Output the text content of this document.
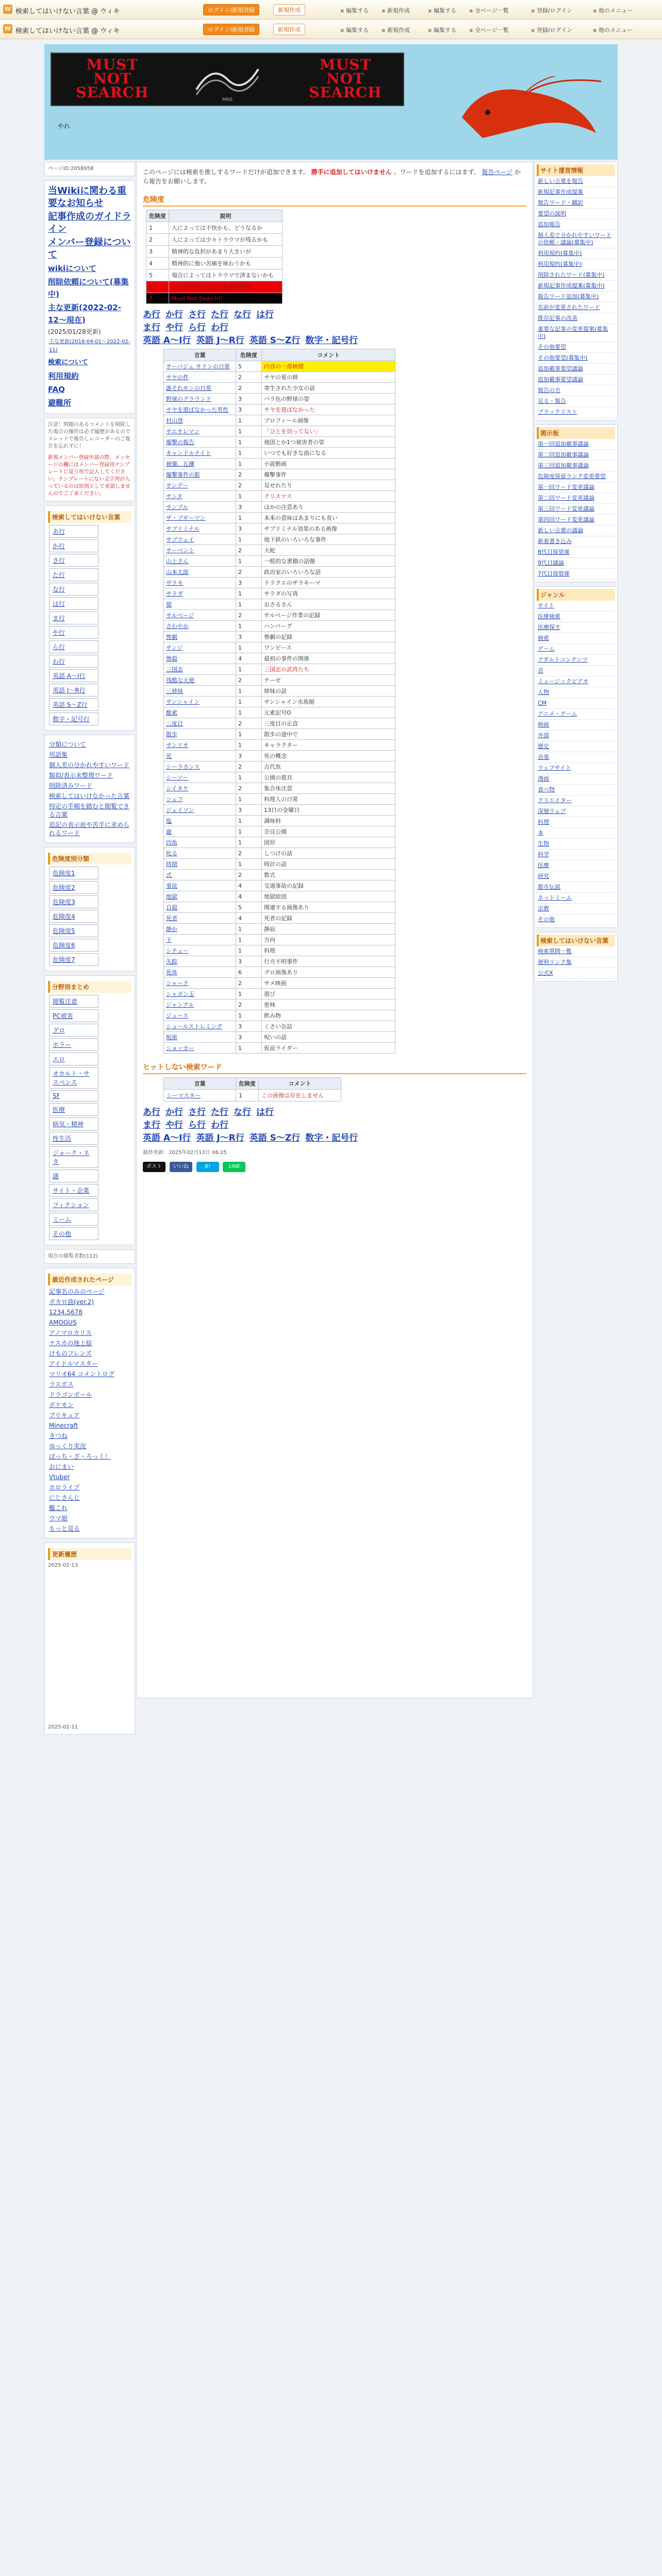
W 検索してはいけない言葉 @ ウィキ	ログイン/新規登録	新規作成	▪ 編集する	▪ 新規作成	▪ 編集する	▪ 全ページ一覧	▪ 登録/ログイン	▪ 他のメニュー
W 検索してはいけない言葉 @ ウィキ	ログイン/新規登録	新規作成	▪ 編集する	▪ 新規作成	▪ 編集する	▪ 全ページ一覧	▪ 登録/ログイン	▪ 他のメニュー
MUST
NOT
SEARCH
MUST
NOT
SEARCH
MNS
やれ
ページID:2058958
当Wikiに関わる重要なお知らせ
記事作成のガイドライン
メンバー登録について
wikiについて
削除依頼について(募集中)
主な更新(2022-02-12～現在)
(2025/01/28更新)
主な更新(2018-04-01～2022-02-11)
検索について
利用規約
FAQ
避難所
注意！問題のあるコメントを削除した場合の操作は必ず履歴があるのでスレッドで報告しレコーダーのご報告を忘れずに！
新規メンバー登録申請の際、メッセージの欄にはメンバー登録用テンプレートに従う形で記入してください。テンプレートにない文字列が入っているのは原則として承認しませんのでご了承ください。
検索してはいけない言葉
あ行
か行
さ行
た行
な行
は行
ま行
や行
ら行
わ行
英語 A～I行
英語 J～R行
英語 S～Z行
数字・記号行
分類について
用語集
個人差の分かれやすいワード
類似/表示未整理ワード
削除済みワード
検索してはいけなかった言葉
特定の手順を踏むと閲覧できる言葉
追記の表示前や苦手に求められるワード
危険度別分類
危険度1
危険度2
危険度3
危険度4
危険度5
危険度6
危険度7
分野別まとめ
閲覧注意
PC被害
グロ
ホラー
エロ
オカルト・サスペンス
SF
医療
病気・精神
性生活
ジョーク・ネタ
謎
サイト・企業
フィクション
ミーム
その他
現在の閲覧者数(112)
最近作成されたページ
記事名のみのページ
ボカロ曲(ver.2)
1234.5678
AMOGUS
アノマロカリス
ナスカの地上絵
けものフレンズ
アイドルマスター
マリオ64 コメントログ
ラスボス
ドラゴンボール
ポケモン
プリキュア
Minecraft
きつね
ゆっくり実況
ぼっち・ざ・ろっく！
おにまい
Vtuber
ホロライブ
にじさんじ
艦これ
ウマ娘
もっと見る
更新履歴
2025-02-13
2025-02-11
このページには検索を推しするワードだけが追加できます。 勝手に追加してはいけません 。ワードを追加するにはまず、 報告ページ から報告をお願いします。
危険度
危険度	説明
1	人によっては不快かも、どうなるか
2	人によっては少々トラウマが残るかも
3	精神的な負担があまり大きいが
4	精神的に強い苦痛を味わうかも
5	場合によってはトラウマで済まないかも
6	ブラクラでなると心を揺るがす
7	Must Not Search!!
あ行 か行 さ行 た行 な行 は行
ま行 や行 ら行 わ行
英語 A～I行 英語 J～R行 英語 S～Z行 数字・記号行
言葉	危険度	コメント
サーバジェ サドンの日常	5	内容の一部検閲
サヤの件	2	サヤの夏の姉
誰それモンの日常	2	寄生された少女の話
野球のグラウンド	3	バラ色の野球の姿
サヤを遊ばなかった男性	3	サヤを遊ばなかった
村山登	1	プロフィール画像
サエサレマン	1	「ひとを切ってない」
爆撃の報告	1	地図とか1つ被害者の姿
キャンドルナイト	1	いつでも好きな曲になる
被爆、瓦礫	1	小説動画
爆撃事件の影	2	爆撃事件
サンデー	2	見せれたり
サンタ	1	クリスマス
サンプル	3	ほかの注意あり
ザ・ブギーマン	1	本来の意味はあまりにも長い
サブリミナル	3	サブリミナル効果のある画像
サブウェイ	1	地下鉄のいろいろな事件
サーペント	2	大蛇
山上さん	1	一般的な書籍の話題
山本太郎	2	政治家のいろいろな話
ザラキ	3	ドラクエのザラキーマ
サラダ	1	サラダの写真
猿	1	おさるさん
サルベージ	2	サルベージ作業の記録
さわやか	1	ハンバーグ
惨劇	3	惨劇の記録
サンジ	1	ワンピース
惨殺	4	最初の事件の関係
三国志	1	三国志の武将たち
残酷な天使	2	テーゼ
三姉妹	1	姉妹の話
サンシャイン	1	サンシャイン水族館
酸素	1	元素記号O
三度目	2	三度目の正直
散歩	1	散歩の途中で
サンリオ	1	キャラクター
死	3	死の概念
シーラカンス	2	古代魚
シーソー	1	公園の遊具
シイタケ	2	集合体注意
シェフ	1	料理人の日常
ジェイソン	3	13日の金曜日
塩	1	調味料
鹿	1	奈良公園
四角	1	図形
叱る	2	しつけの話
時間	1	時計の話
式	2	数式
事故	4	交通事故の記録
地獄	4	地獄絵図
自殺	5	関連する画像あり
死者	4	死者の記録
静か	1	静寂
下	1	方向
シチュー	1	料理
失踪	3	行方不明事件
死体	6	グロ画像あり
シャーク	2	サメ映画
シャボン玉	1	遊び
ジャングル	2	密林
ジュース	1	飲み物
シュールストレミング	3	くさい缶詰
呪術	3	呪いの話
ショッカー	1	仮面ライダー
ヒットしない検索ワード
言葉	危険度	コメント
シーマスター	1	この画像は存在しません
あ行 か行 さ行 た行 な行 は行
ま行 や行 ら行 わ行
英語 A～I行 英語 J～R行 英語 S～Z行 数字・記号行
最終更新：2025年02月13日 06:25
ポスト いいね	B!	LINE
サイト運営情報
新しい言葉を報告
新規記事作成提案
報告ワード・翻訳
要望の説明
追加報告
個人差で分かれやすいワードの依頼・議論(募集中)
利用規約(募集中)
利用規約(募集中)
削除されたワード(募集中)
新規記事作成提案(募集中)
報告ワード追加(募集中)
名前が変更されたワード
既存記事の改善
重要な記事の変更提案(募集中)
その他要望
その他要望(募集中)
追加載事要望議論
追加載事要望議論
報告の方
見る・報告
ブラックリスト
掲示板
第一回追加載事議論
第二回追加載事議論
第三回追加載事議論
危険度保留ランク変更要望
第一回ワード変更議論
第二回ワード変更議論
第三回ワード変更議論
第四回ワード変更議論
新しい言葉の議論
新着書き込み
8代目保管庫
8代目議論
7代目保管庫
ジャンル
サイト
医療検索
医療探す
検索
ゲーム
アダルトコンテンツ
音
ミュージックビデオ
人物
CM
アニメ・ゲーム
映画
外部
歴史
音楽
ウェブサイト
漫画
食べ物
クリエイター
深層ウェブ
料理
本
生物
科学
医療
研究
都市伝説
ネットミーム
宗教
その他
検索してはいけない言葉
検索質問一覧
便利リンク集
公式X
